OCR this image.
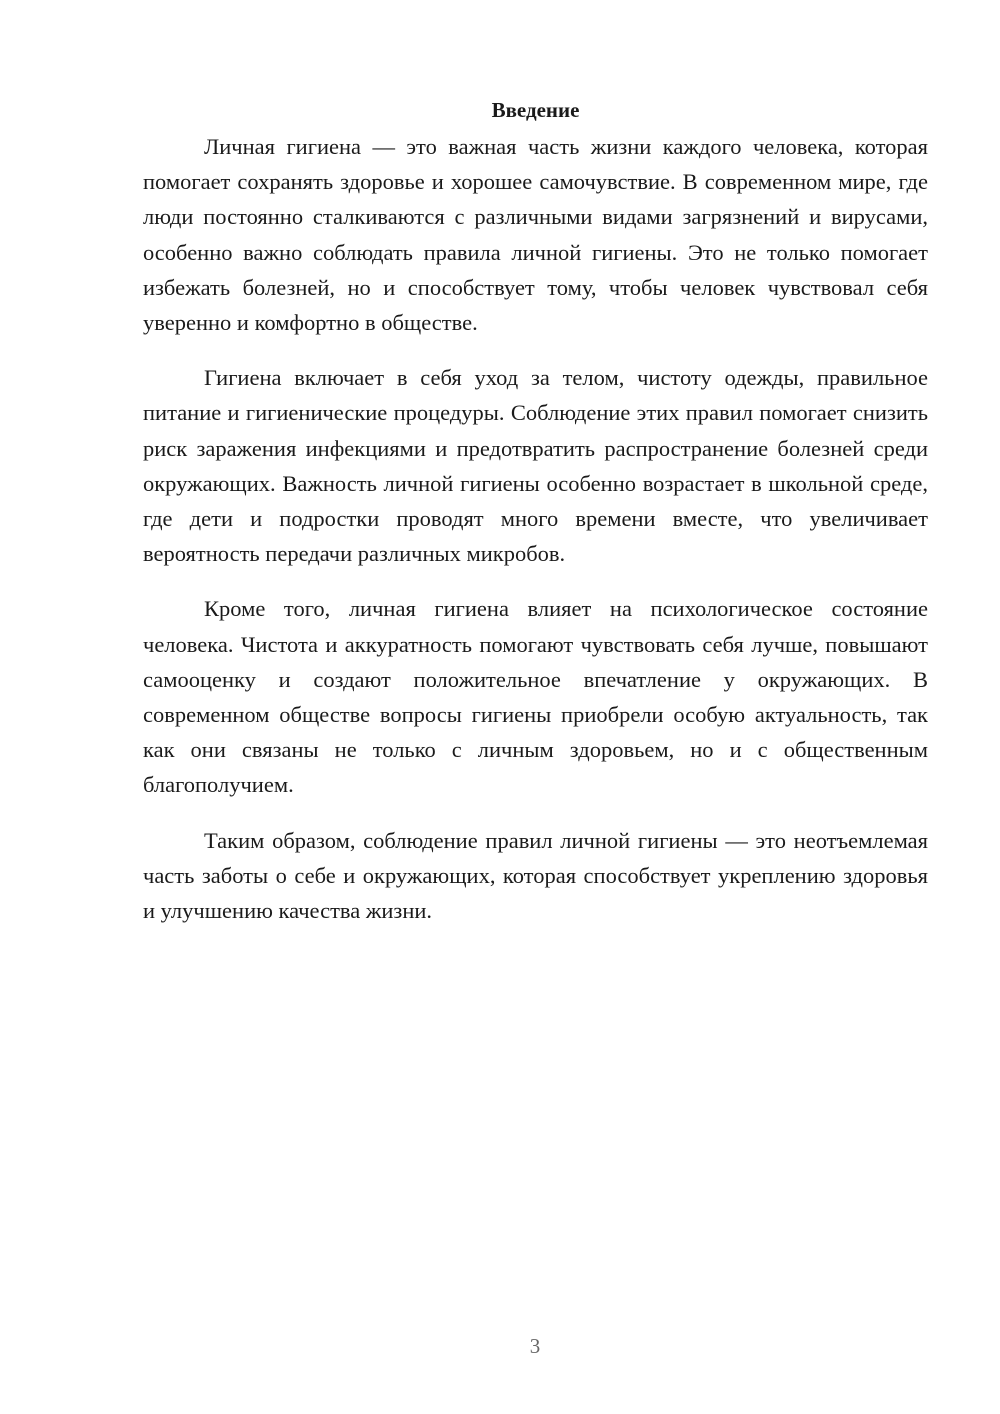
Введение

Личная гигиена — это важная часть жизни каждого человека, которая помогает сохранять здоровье и хорошее самочувствие. В современном мире, где люди постоянно сталкиваются с различными видами загрязнений и вирусами, особенно важно соблюдать правила личной гигиены. Это не только помогает избежать болезней, но и способствует тому, чтобы человек чувствовал себя уверенно и комфортно в обществе.

Гигиена включает в себя уход за телом, чистоту одежды, правильное питание и гигиенические процедуры. Соблюдение этих правил помогает снизить риск заражения инфекциями и предотвратить распространение болезней среди окружающих. Важность личной гигиены особенно возрастает в школьной среде, где дети и подростки проводят много времени вместе, что увеличивает вероятность передачи различных микробов.

Кроме того, личная гигиена влияет на психологическое состояние человека. Чистота и аккуратность помогают чувствовать себя лучше, повышают самооценку и создают положительное впечатление у окружающих. В современном обществе вопросы гигиены приобрели особую актуальность, так как они связаны не только с личным здоровьем, но и с общественным благополучием.

Таким образом, соблюдение правил личной гигиены — это неотъемлемая часть заботы о себе и окружающих, которая способствует укреплению здоровья и улучшению качества жизни.

3
